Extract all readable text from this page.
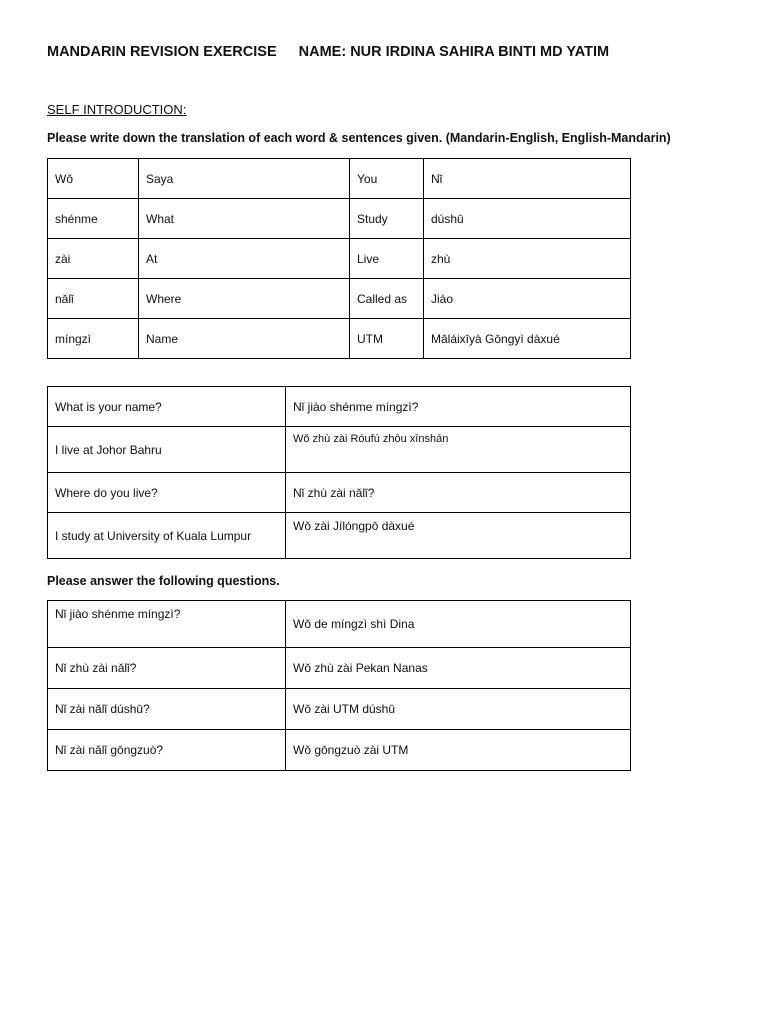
MANDARIN REVISION EXERCISE NAME: NUR IRDINA SAHIRA BINTI MD YATIM
SELF INTRODUCTION:
Please write down the translation of each word & sentences given. (Mandarin-English, English-Mandarin)
Wǒ	Saya	You	Nǐ
shénme	What	Study	dúshū
zài	At	Live	zhù
nǎlǐ	Where	Called as	Jiào
míngzì	Name	UTM	Mǎláixīyà Gōngyì dàxué
What is your name?	Nǐ jiào shénme míngzì?
I live at Johor Bahru	Wǒ zhù zài Róufú zhōu xīnshān
Where do you live?	Nǐ zhù zài nǎlǐ?
I study at University of Kuala Lumpur	Wǒ zài Jílóngpō dàxué
Please answer the following questions.
Nǐ jiào shénme míngzì?	Wǒ de míngzì shì Dina
Nǐ zhù zài nǎlǐ?	Wǒ zhù zài Pekan Nanas
Nǐ zài nǎlǐ dúshū?	Wǒ zài UTM dúshū
Nǐ zài nǎlǐ gōngzuò?	Wǒ gōngzuò zài UTM
